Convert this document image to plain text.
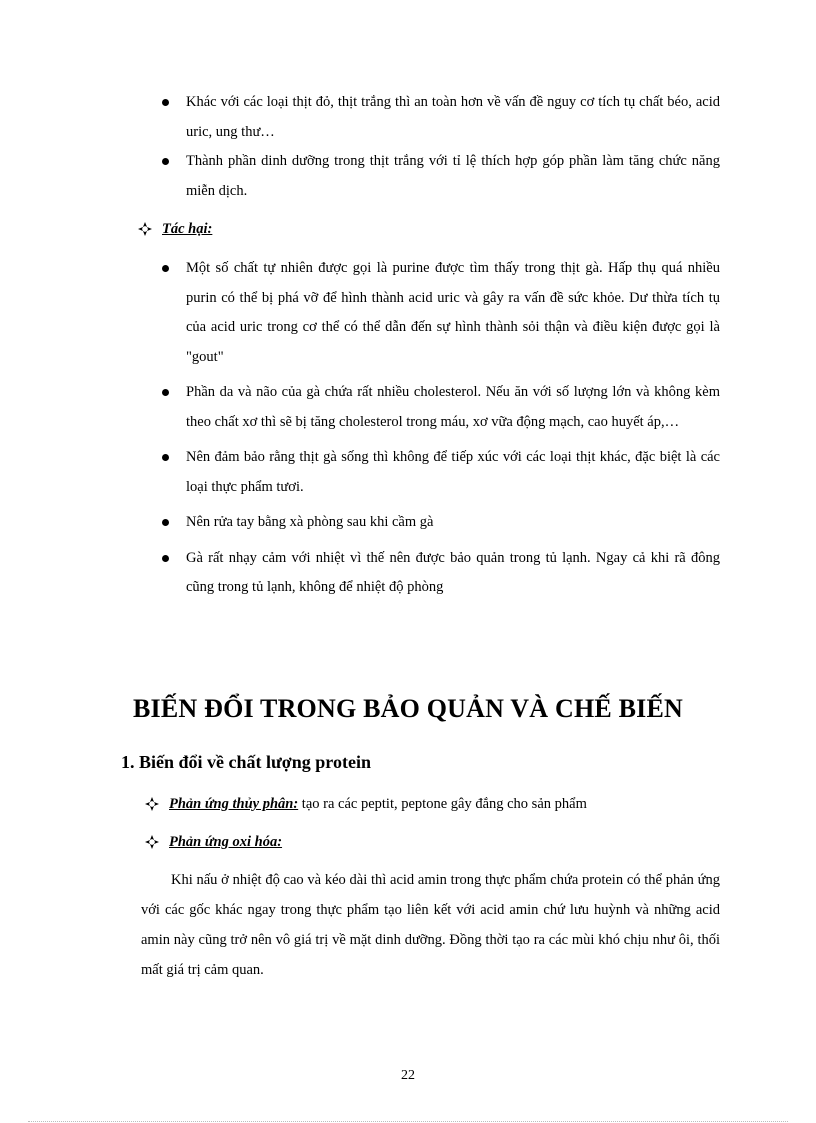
Khác với các loại thịt đỏ, thịt trắng thì an toàn hơn về vấn đề nguy cơ tích tụ chất béo, acid uric, ung thư…
Thành phần dinh dưỡng trong thịt trắng với tỉ lệ thích hợp góp phần làm tăng chức năng miễn dịch.
Tác hại:
Một số chất tự nhiên được gọi là purine được tìm thấy trong thịt gà. Hấp thụ quá nhiều purin có thể bị phá vỡ để hình thành acid uric và gây ra vấn đề sức khỏe. Dư thừa tích tụ của acid uric trong cơ thể có thể dẫn đến sự hình thành sỏi thận và điều kiện được gọi là "gout"
Phần da và não của gà chứa rất nhiều cholesterol. Nếu ăn với số lượng lớn và không kèm theo chất xơ thì sẽ bị tăng cholesterol trong máu, xơ vữa động mạch, cao huyết áp,…
Nên đảm bảo rằng thịt gà sống thì không để tiếp xúc với các loại thịt khác, đặc biệt là các loại thực phẩm tươi.
Nên rửa tay bằng xà phòng sau khi cầm gà
Gà rất nhạy cảm với nhiệt vì thế nên được bảo quản trong tủ lạnh. Ngay cả khi rã đông cũng trong tủ lạnh, không để nhiệt độ phòng
BIẾN ĐỔI TRONG BẢO QUẢN VÀ CHẾ BIẾN
1. Biến đổi về chất lượng protein
Phản ứng thủy phân: tạo ra các peptit, peptone gây đắng cho sản phẩm
Phản ứng oxi hóa:
Khi nấu ở nhiệt độ cao và kéo dài thì acid amin trong thực phẩm chứa protein có thể phản ứng với các gốc khác ngay trong thực phẩm tạo liên kết với acid amin chứ lưu huỳnh và những acid amin này cũng trở nên vô giá trị về mặt dinh dưỡng. Đồng thời tạo ra các mùi khó chịu như ôi, thối mất giá trị cảm quan.
22
